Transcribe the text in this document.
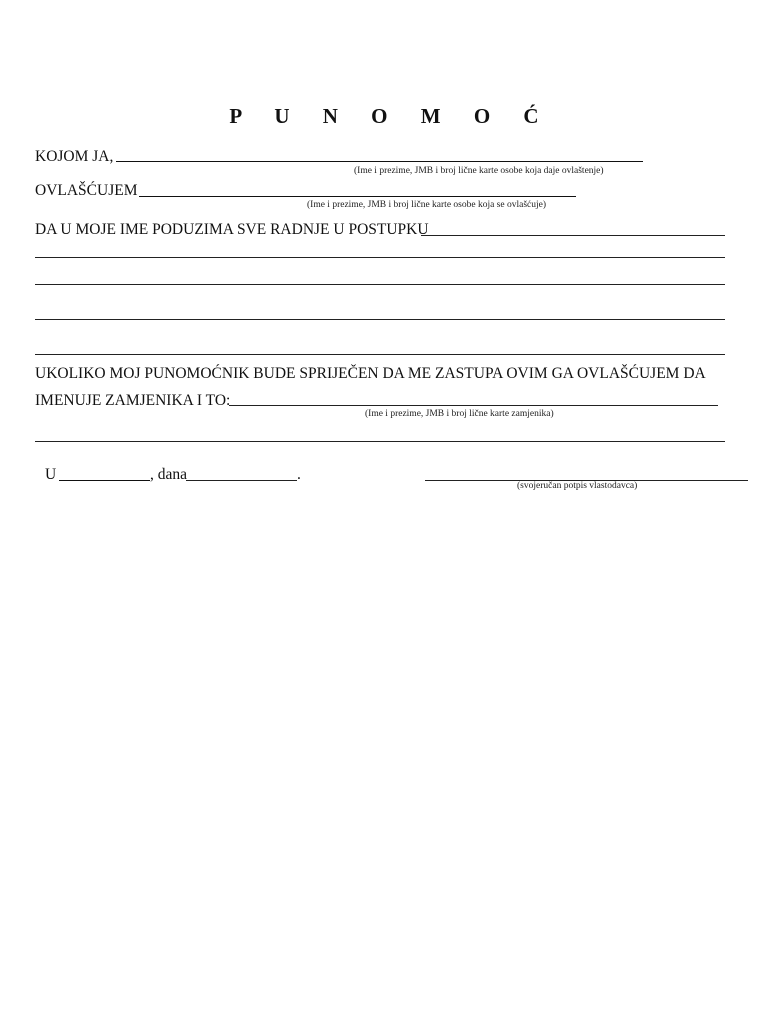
P U N O M O Ć
KOJOM JA,
(Ime i prezime, JMB i broj lične karte osobe koja daje ovlaštenje)
OVLAŠĆUJEM
(Ime i prezime, JMB i broj lične karte osobe koja se ovlašćuje)
DA U MOJE IME PODUZIMA SVE RADNJE U POSTUPKU
UKOLIKO MOJ PUNOMOĆNIK BUDE SPRIJEČEN DA ME ZASTUPA OVIM GA OVLAŠĆUJEM DA
IMENUJE ZAMJENIKA I TO:
(Ime i prezime, JMB i broj lične karte zamjenika)
U	, dana	.
(svojeručan potpis vlastodavca)
